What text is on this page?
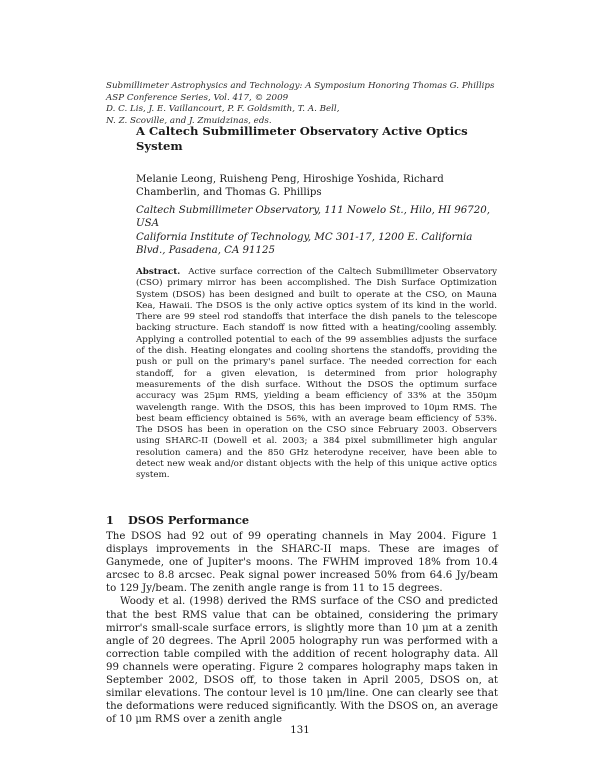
Submillimeter Astrophysics and Technology: A Symposium Honoring Thomas G. Phillips
ASP Conference Series, Vol. 417, © 2009
D. C. Lis, J. E. Vaillancourt, P. F. Goldsmith, T. A. Bell,
N. Z. Scoville, and J. Zmuidzinas, eds.
A Caltech Submillimeter Observatory Active Optics System
Melanie Leong, Ruisheng Peng, Hiroshige Yoshida, Richard Chamberlin, and Thomas G. Phillips
Caltech Submillimeter Observatory, 111 Nowelo St., Hilo, HI 96720, USA
California Institute of Technology, MC 301-17, 1200 E. California Blvd., Pasadena, CA 91125
Abstract. Active surface correction of the Caltech Submillimeter Observatory (CSO) primary mirror has been accomplished. The Dish Surface Optimization System (DSOS) has been designed and built to operate at the CSO, on Mauna Kea, Hawaii. The DSOS is the only active optics system of its kind in the world. There are 99 steel rod standoffs that interface the dish panels to the telescope backing structure. Each standoff is now fitted with a heating/cooling assembly. Applying a controlled potential to each of the 99 assemblies adjusts the surface of the dish. Heating elongates and cooling shortens the standoffs, providing the push or pull on the primary's panel surface. The needed correction for each standoff, for a given elevation, is determined from prior holography measurements of the dish surface. Without the DSOS the optimum surface accuracy was 25μm RMS, yielding a beam efficiency of 33% at the 350μm wavelength range. With the DSOS, this has been improved to 10μm RMS. The best beam efficiency obtained is 56%, with an average beam efficiency of 53%. The DSOS has been in operation on the CSO since February 2003. Observers using SHARC-II (Dowell et al. 2003; a 384 pixel submillimeter high angular resolution camera) and the 850 GHz heterodyne receiver, have been able to detect new weak and/or distant objects with the help of this unique active optics system.
1 DSOS Performance

The DSOS had 92 out of 99 operating channels in May 2004. Figure 1 displays improvements in the SHARC-II maps. These are images of Ganymede, one of Jupiter's moons. The FWHM improved 18% from 10.4 arcsec to 8.8 arcsec. Peak signal power increased 50% from 64.6 Jy/beam to 129 Jy/beam. The zenith angle range is from 11 to 15 degrees.

Woody et al. (1998) derived the RMS surface of the CSO and predicted that the best RMS value that can be obtained, considering the primary mirror's small-scale surface errors, is slightly more than 10 μm at a zenith angle of 20 degrees. The April 2005 holography run was performed with a correction table compiled with the addition of recent holography data. All 99 channels were operating. Figure 2 compares holography maps taken in September 2002, DSOS off, to those taken in April 2005, DSOS on, at similar elevations. The contour level is 10 μm/line. One can clearly see that the deformations were reduced significantly. With the DSOS on, an average of 10 μm RMS over a zenith angle

131
